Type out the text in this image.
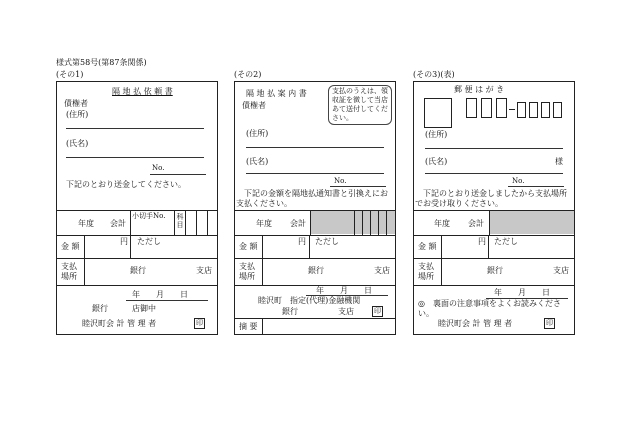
様式第58号(第87条関係)
(その1)	(その2)	(その3)(表)
隔 地 払 依 頼 書
債権者
(住所)
(氏名)
No.
下記のとおり送金してください。
年度 会計
小切手No. 科目
金 額
円 ただし
支払
場所
銀行	支店
年　　月　　日
銀行　　　店御中
睦沢町会 計 管 理 者	印
隔 地 払 案 内 書	支払のうえは、領収証を徴して当店あて送付してください。
債権者
(住所)
(氏名)
No.
下記の金額を隔地払通知書と引換えにお支払ください。
年度 会計
金 額
円 ただし
支払
場所
銀行	支店
年　　月　　日
睦沢町　指定(代理)金融機関
銀行　　　　　支店	印
摘 要
郵 便 は が き
(住所)
(氏名)	様
No.
下記のとおり送金しましたから支払場所でお受け取りください。
年度 会計
金 額
円 ただし
支払
場所
銀行	支店
年　　月　　日
◎　裏面の注意事項をよくお読みください。
睦沢町会 計 管 理 者	印
